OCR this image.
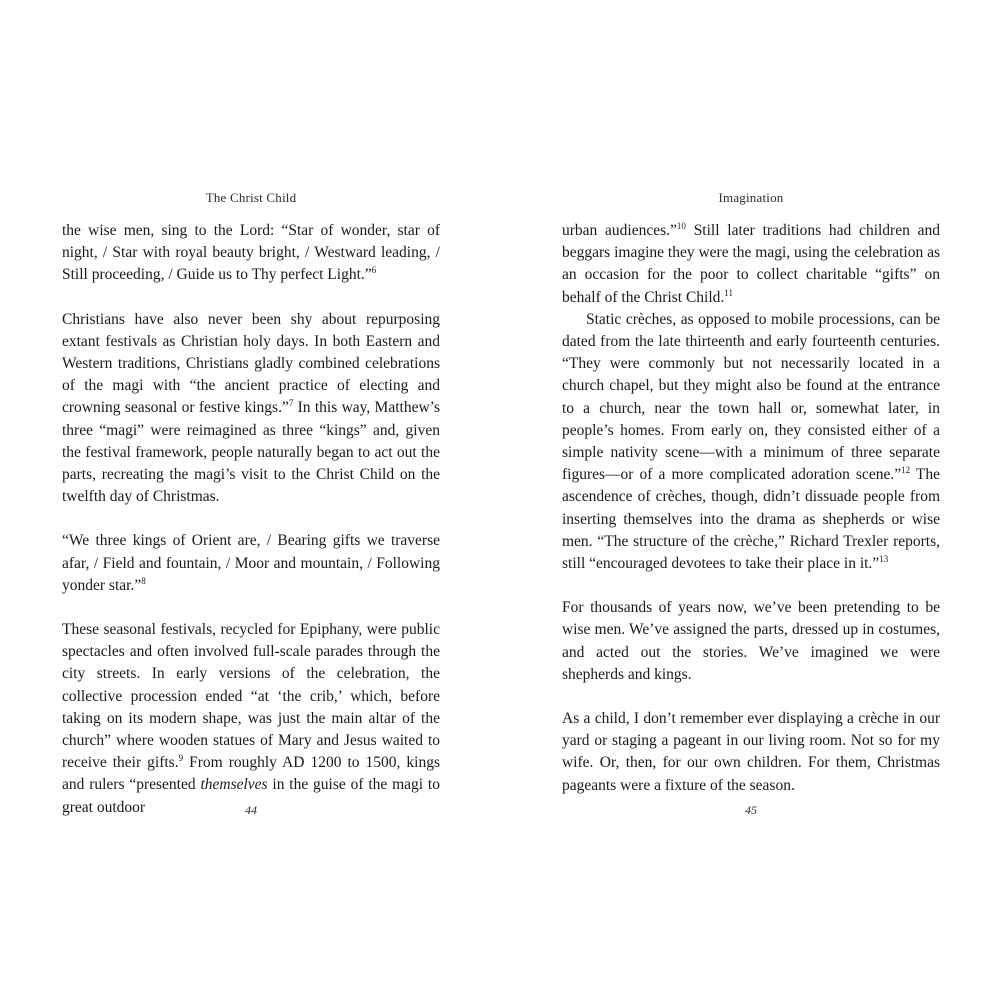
The Christ Child

the wise men, sing to the Lord: “Star of wonder, star of night, / Star with royal beauty bright, / Westward leading, / Still proceeding, / Guide us to Thy perfect Light.”$^6$

Christians have also never been shy about repurposing extant festivals as Christian holy days. In both Eastern and Western traditions, Christians gladly combined celebrations of the magi with “the ancient practice of electing and crowning seasonal or festive kings.”$^7$ In this way, Matthew’s three “magi” were reimagined as three “kings” and, given the festival framework, people naturally began to act out the parts, recreating the magi’s visit to the Christ Child on the twelfth day of Christmas.

“We three kings of Orient are, / Bearing gifts we traverse afar, / Field and fountain, / Moor and mountain, / Following yonder star.”$^8$

These seasonal festivals, recycled for Epiphany, were public spectacles and often involved full-scale parades through the city streets. In early versions of the celebration, the collective procession ended “at ‘the crib,’ which, before taking on its modern shape, was just the main altar of the church” where wooden statues of Mary and Jesus waited to receive their gifts.$^9$ From roughly AD 1200 to 1500, kings and rulers “presented themselves in the guise of the magi to great outdoor	44
Imagination

urban audiences.”$^{10}$ Still later traditions had children and beggars imagine they were the magi, using the celebration as an occasion for the poor to collect charitable “gifts” on behalf of the Christ Child.$^{11}$

Static crèches, as opposed to mobile processions, can be dated from the late thirteenth and early fourteenth centuries. “They were commonly but not necessarily located in a church chapel, but they might also be found at the entrance to a church, near the town hall or, somewhat later, in people’s homes. From early on, they consisted either of a simple nativity scene—with a minimum of three separate figures—or of a more complicated adoration scene.”$^{12}$ The ascendence of crèches, though, didn’t dissuade people from inserting themselves into the drama as shepherds or wise men. “The structure of the crèche,” Richard Trexler reports, still “encouraged devotees to take their place in it.”$^{13}$

For thousands of years now, we’ve been pretending to be wise men. We’ve assigned the parts, dressed up in costumes, and acted out the stories. We’ve imagined we were shepherds and kings.

As a child, I don’t remember ever displaying a crèche in our yard or staging a pageant in our living room. Not so for my wife. Or, then, for our own children. For them, Christmas pageants were a fixture of the season.

45
